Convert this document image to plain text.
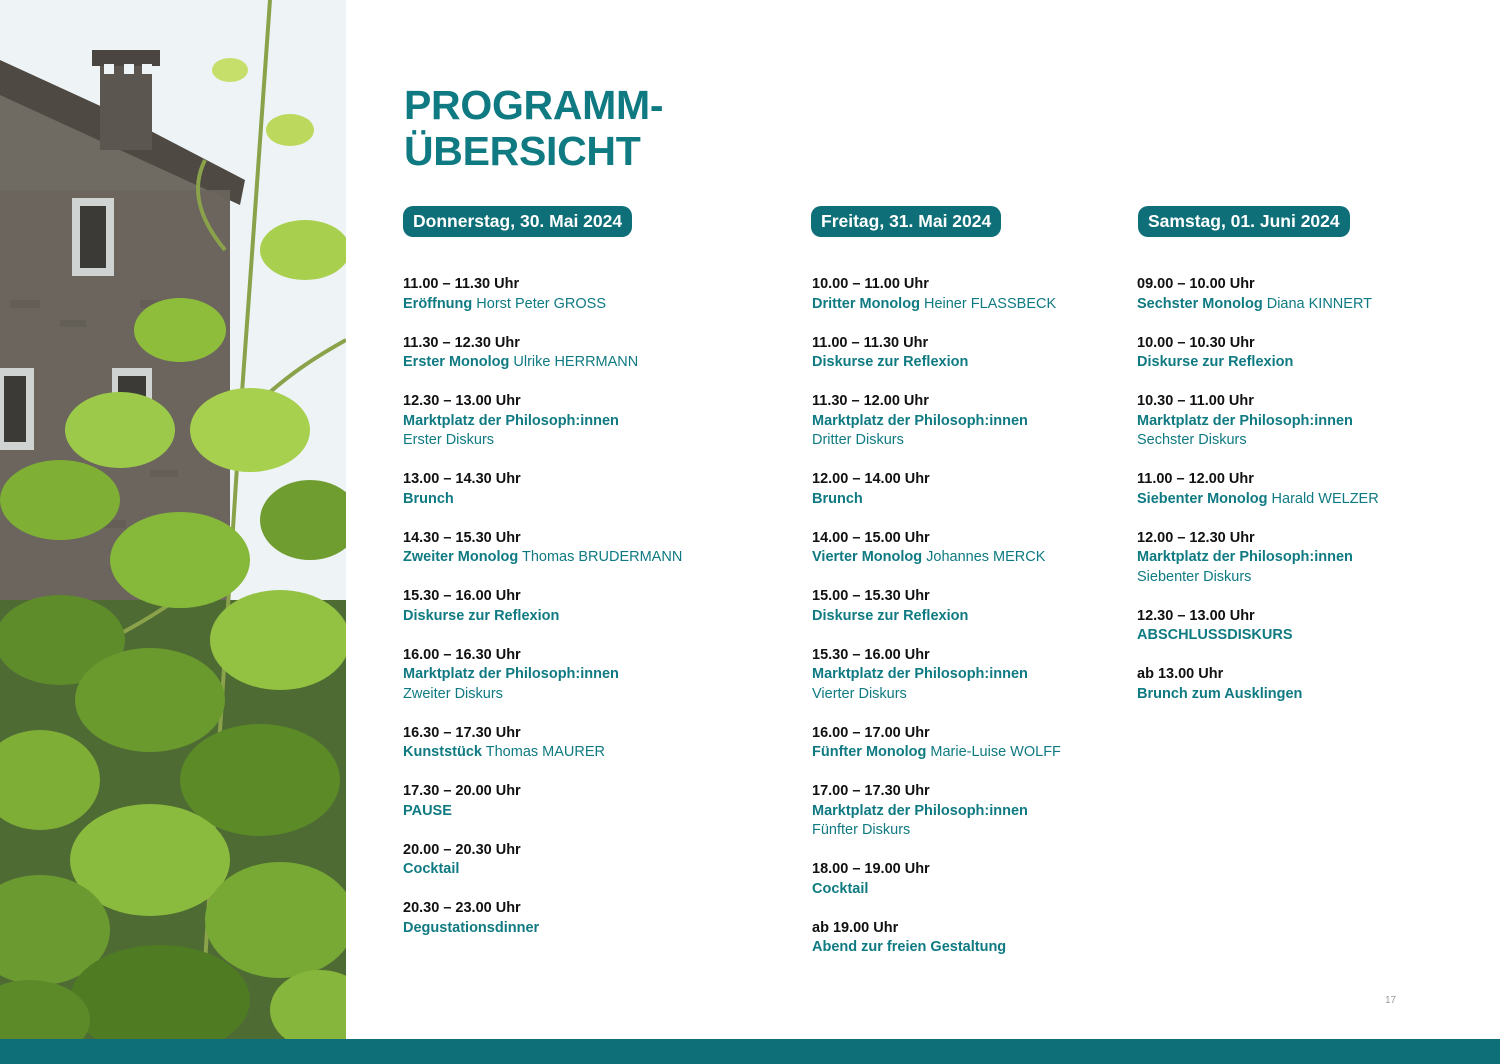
PROGRAMM-
ÜBERSICHT
Donnerstag, 30. Mai 2024	Freitag, 31. Mai 2024	Samstag, 01. Juni 2024
11.00 – 11.30 Uhr
Eröffnung Horst Peter GROSS
11.30 – 12.30 Uhr
Erster Monolog Ulrike HERRMANN
12.30 – 13.00 Uhr
Marktplatz der Philosoph:innen
Erster Diskurs
13.00 – 14.30 Uhr
Brunch
14.30 – 15.30 Uhr
Zweiter Monolog Thomas BRUDERMANN
15.30 – 16.00 Uhr
Diskurse zur Reflexion
16.00 – 16.30 Uhr
Marktplatz der Philosoph:innen
Zweiter Diskurs
16.30 – 17.30 Uhr
Kunststück Thomas MAURER
17.30 – 20.00 Uhr
PAUSE
20.00 – 20.30 Uhr
Cocktail
20.30 – 23.00 Uhr
Degustationsdinner
10.00 – 11.00 Uhr
Dritter Monolog Heiner FLASSBECK
11.00 – 11.30 Uhr
Diskurse zur Reflexion
11.30 – 12.00 Uhr
Marktplatz der Philosoph:innen
Dritter Diskurs
12.00 – 14.00 Uhr
Brunch
14.00 – 15.00 Uhr
Vierter Monolog Johannes MERCK
15.00 – 15.30 Uhr
Diskurse zur Reflexion
15.30 – 16.00 Uhr
Marktplatz der Philosoph:innen
Vierter Diskurs
16.00 – 17.00 Uhr
Fünfter Monolog Marie-Luise WOLFF
17.00 – 17.30 Uhr
Marktplatz der Philosoph:innen
Fünfter Diskurs
18.00 – 19.00 Uhr
Cocktail
ab 19.00 Uhr
Abend zur freien Gestaltung
09.00 – 10.00 Uhr
Sechster Monolog Diana KINNERT
10.00 – 10.30 Uhr
Diskurse zur Reflexion
10.30 – 11.00 Uhr
Marktplatz der Philosoph:innen
Sechster Diskurs
11.00 – 12.00 Uhr
Siebenter Monolog Harald WELZER
12.00 – 12.30 Uhr
Marktplatz der Philosoph:innen
Siebenter Diskurs
12.30 – 13.00 Uhr
ABSCHLUSSDISKURS
ab 13.00 Uhr
Brunch zum Ausklingen
17
